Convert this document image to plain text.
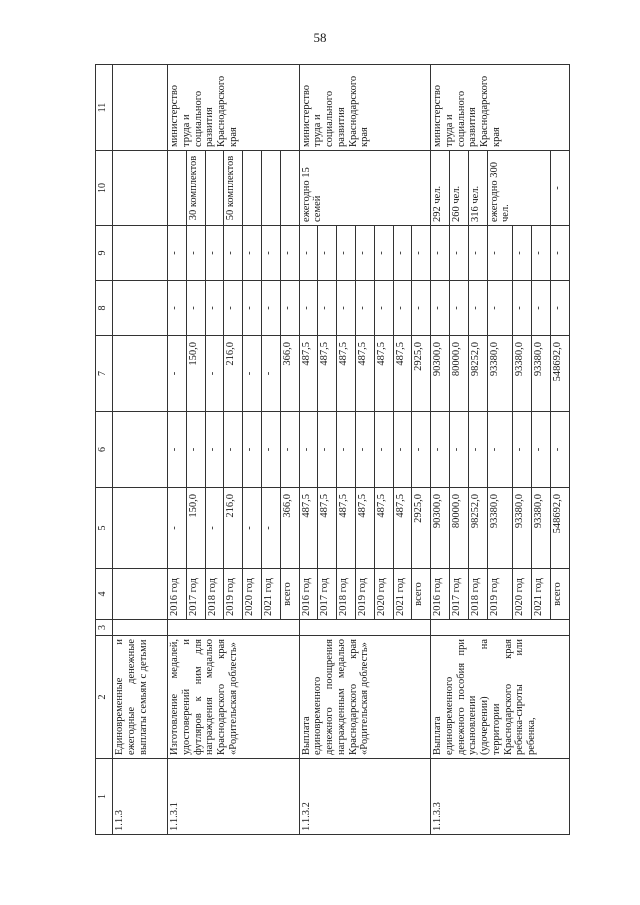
58
1	2	3	4	5	6	7	8	9	10	11
1.1.3	Единовременные и ежегодные денежные выплаты семьям с детьми									
1.1.3.1	Изготовление медалей, удостоверений и футляров к ним для награждения медалью Краснодарского края «Родительская доблесть»		2016 год	-	-	-	-	-		министерство труда и социального развития Краснодарского края
			2017 год	150,0	-	150,0	-	-	30 комплектов	
			2018 год	-	-	-	-	-		
			2019 год	216,0	-	216,0	-	-	50 комплектов	
			2020 год	-	-	-	-	-		
			2021 год	-	-	-	-	-		
			всего	366,0	-	366,0	-	-		
1.1.3.2	Выплата единовременного денежного поощрения награжденным медалью Краснодарского края «Родительская доблесть»		2016 год	487,5	-	487,5	-	-	ежегодно 15 семей	министерство труда и социального развития Краснодарского края
			2017 год	487,5	-	487,5	-	-		
			2018 год	487,5	-	487,5	-	-		
			2019 год	487,5	-	487,5	-	-		
			2020 год	487,5	-	487,5	-	-		
			2021 год	487,5	-	487,5	-	-		
			всего	2925,0	-	2925,0	-	-		
1.1.3.3	Выплата единовременного денежного пособия при усыновлении (удочерении) на территории Краснодарского края ребенка-сироты или ребенка,		2016 год	90300,0	-	90300,0	-	-	292 чел.	министерство труда и социального развития Краснодарского края
			2017 год	80000,0	-	80000,0	-	-	260 чел.	
			2018 год	98252,0	-	98252,0	-	-	316 чел.	
			2019 год	93380,0	-	93380,0	-	-	ежегодно 300 чел.	
			2020 год	93380,0	-	93380,0	-	-		
			2021 год	93380,0	-	93380,0	-	-		
			всего	548692,0	-	548692,0	-	-	-	
